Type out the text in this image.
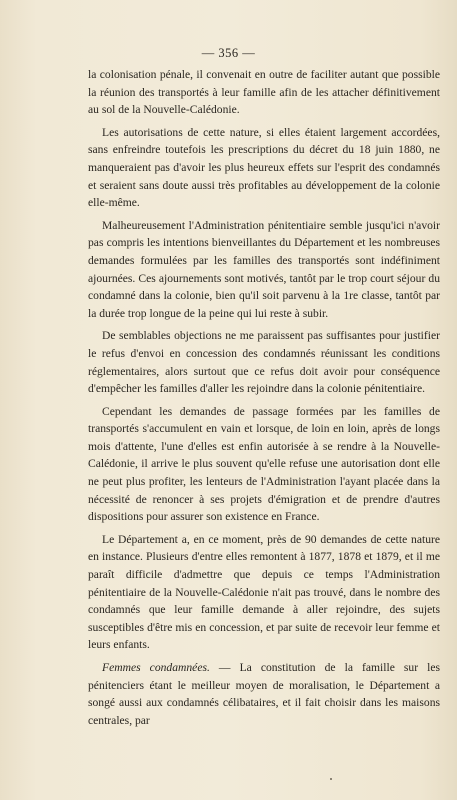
— 356 —

la colonisation pénale, il convenait en outre de faciliter autant que possible la réunion des transportés à leur famille afin de les attacher définitivement au sol de la Nouvelle-Calédonie.

Les autorisations de cette nature, si elles étaient largement accordées, sans enfreindre toutefois les prescriptions du décret du 18 juin 1880, ne manqueraient pas d'avoir les plus heureux effets sur l'esprit des condamnés et seraient sans doute aussi très profitables au développement de la colonie elle-même.

Malheureusement l'Administration pénitentiaire semble jusqu'ici n'avoir pas compris les intentions bienveillantes du Département et les nombreuses demandes formulées par les familles des transportés sont indéfiniment ajournées. Ces ajournements sont motivés, tantôt par le trop court séjour du condamné dans la colonie, bien qu'il soit parvenu à la 1re classe, tantôt par la durée trop longue de la peine qui lui reste à subir.

De semblables objections ne me paraissent pas suffisantes pour justifier le refus d'envoi en concession des condamnés réunissant les conditions réglementaires, alors surtout que ce refus doit avoir pour conséquence d'empêcher les familles d'aller les rejoindre dans la colonie pénitentiaire.

Cependant les demandes de passage formées par les familles de transportés s'accumulent en vain et lorsque, de loin en loin, après de longs mois d'attente, l'une d'elles est enfin autorisée à se rendre à la Nouvelle-Calédonie, il arrive le plus souvent qu'elle refuse une autorisation dont elle ne peut plus profiter, les lenteurs de l'Administration l'ayant placée dans la nécessité de renoncer à ses projets d'émigration et de prendre d'autres dispositions pour assurer son existence en France.

Le Département a, en ce moment, près de 90 demandes de cette nature en instance. Plusieurs d'entre elles remontent à 1877, 1878 et 1879, et il me paraît difficile d'admettre que depuis ce temps l'Administration pénitentiaire de la Nouvelle-Calédonie n'ait pas trouvé, dans le nombre des condamnés que leur famille demande à aller rejoindre, des sujets susceptibles d'être mis en concession, et par suite de recevoir leur femme et leurs enfants.

Femmes condamnées. — La constitution de la famille sur les pénitenciers étant le meilleur moyen de moralisation, le Département a songé aussi aux condamnés célibataires, et il fait choisir dans les maisons centrales, par
